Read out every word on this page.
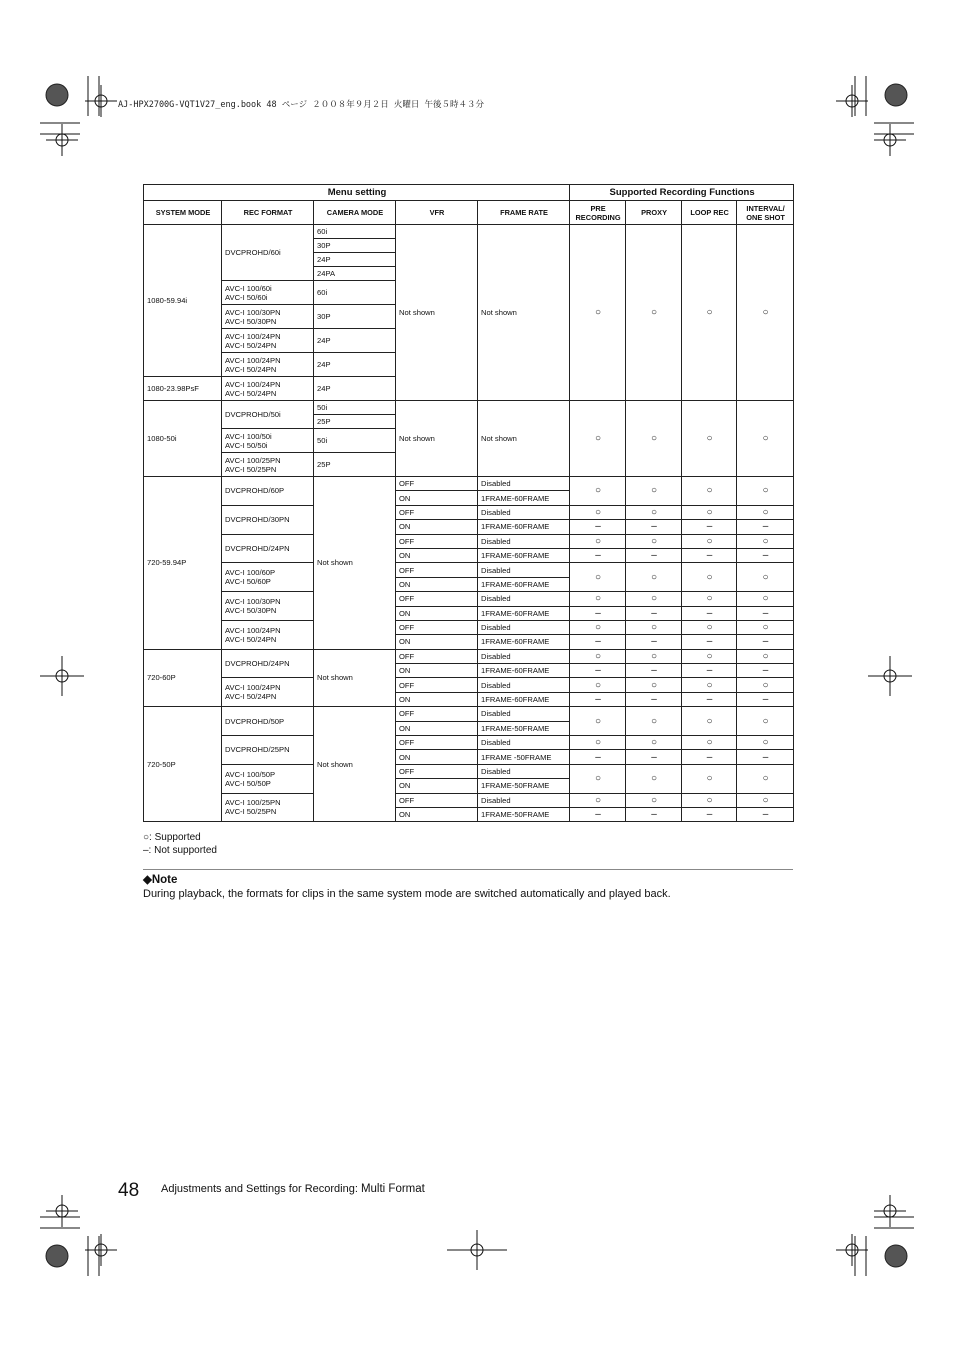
AJ-HPX2700G-VQT1V27_eng.book 48 ページ ２００８年９月２日 火曜日 午後５時４３分
Menu setting					Supported Recording Functions			
SYSTEM MODE	REC FORMAT	CAMERA MODE	VFR	FRAME RATE	PRE
RECORDING	PROXY	LOOP REC	INTERVAL/
ONE SHOT
1080-59.94i	DVCPROHD/60i	60i	Not shown	Not shown	○	○	○	○
		30P						
		24P						
		24PA						
	AVC-I 100/60i
AVC-I 50/60i	60i						

	AVC-I 100/30PN
AVC-I 50/30PN	30P						

	AVC-I 100/24PN
AVC-I 50/24PN	24P						

	AVC-I 100/24PN
AVC-I 50/24PN	24P						

1080-23.98PsF	AVC-I 100/24PN
AVC-I 50/24PN	24P						

1080-50i	DVCPROHD/50i	50i	Not shown	Not shown	○	○	○	○
		25P						
	AVC-I 100/50i
AVC-I 50/50i	50i						

	AVC-I 100/25PN
AVC-I 50/25PN	25P						

720-59.94P	DVCPROHD/60P	Not shown	OFF	Disabled	○	○	○	○
			ON	1FRAME-60FRAME				
	DVCPROHD/30PN		OFF	Disabled	○	○	○	○
			ON	1FRAME-60FRAME	–	–	–	–
	DVCPROHD/24PN		OFF	Disabled	○	○	○	○
			ON	1FRAME-60FRAME	–	–	–	–
	AVC-I 100/60P
AVC-I 50/60P		OFF	Disabled	○	○	○	○
			ON	1FRAME-60FRAME				
	AVC-I 100/30PN
AVC-I 50/30PN		OFF	Disabled	○	○	○	○
			ON	1FRAME-60FRAME	–	–	–	–
	AVC-I 100/24PN
AVC-I 50/24PN		OFF	Disabled	○	○	○	○
			ON	1FRAME-60FRAME	–	–	–	–
720-60P	DVCPROHD/24PN	Not shown	OFF	Disabled	○	○	○	○
			ON	1FRAME-60FRAME	–	–	–	–
	AVC-I 100/24PN
AVC-I 50/24PN		OFF	Disabled	○	○	○	○
			ON	1FRAME-60FRAME	–	–	–	–
720-50P	DVCPROHD/50P	Not shown	OFF	Disabled	○	○	○	○
			ON	1FRAME-50FRAME				
	DVCPROHD/25PN		OFF	Disabled	○	○	○	○
			ON	1FRAME -50FRAME	–	–	–	–
	AVC-I 100/50P
AVC-I 50/50P		OFF	Disabled	○	○	○	○
			ON	1FRAME-50FRAME				
	AVC-I 100/25PN
AVC-I 50/25PN		OFF	Disabled	○	○	○	○
			ON	1FRAME-50FRAME	–	–	–	–
○: Supported
–: Not supported
◆Note
During playback, the formats for clips in the same system mode are switched automatically and played back.
48 Adjustments and Settings for Recording: Multi Format
